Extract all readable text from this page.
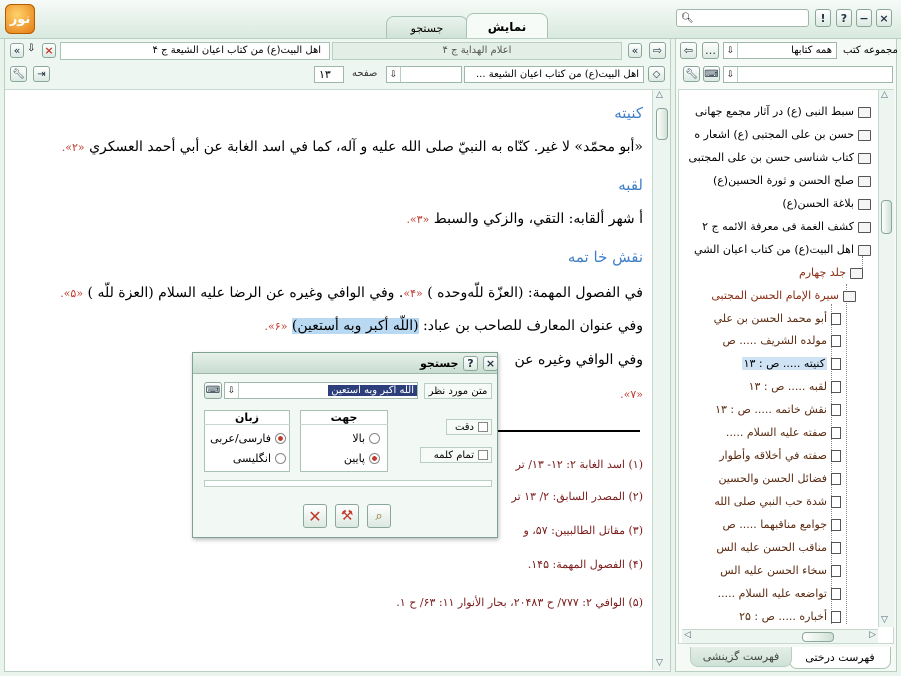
نور
جستجو	نمایش
🔍︎	! ? − ×
« ⇩ ×	اهل البيت(ع) من كتاب اعيان الشيعة ج ۴	اعلام الهداية ج ۴	«	⇨
🔧︎	⇥	۱۳ صفحه	⇩	اهل البيت(ع) من كتاب اعيان الشيعة ...	◇
△
▽
كنيته
«أبو محمّد» لا غير. كنّاه به النبيّ صلى الله عليه و آله، كما في اسد الغابة عن أبي أحمد العسكري «۲».
لقبه
أ شهر ألقابه: التقي، والزكي والسبط «۳».
نقش خا تمه
في الفصول المهمة: (العزّة للّه‌وحده ) «۴». وفي الوافي وغيره عن الرضا عليه السلام (العزة للّه ) «۵».
وفي عنوان المعارف للصاحب بن عباد: (اللّه أكبر وبه أستعين) «۶».
وفي الوافي وغيره عن
«۷».
(۱) اسد الغابة ۲: ۱۲- ۱۳/ تر
(۲) المصدر السابق: ۲/ ۱۳ تر
(۳) مقاتل الطالبيين: ۵۷، و
(۴) الفصول المهمة: ۱۴۵.
(۵) الوافي ۲: ۷۷۷/ ح ۲۰۴۸۳، بحار الأنوار ۱۱: ۶۳/ ح ۱.
×
?
جستجو
⌨ ⇩	الله أكبر وبه أستعين	متن مورد نظر
جهت
بالا
پايين
زبان
فارسى/عربى
انگليسى
دقت
تمام كلمه
✕ ⚒ ⌕
⇦	…	همه كتابها
⇩	مجموعه كتب
🔧︎ ⌨ ⇩
△
▽
◁	▷
سبط النبی (ع) در آثار مجمع جهانی
حسن بن علی المجتبی (ع) اشعار ه
كتاب شناسی حسن بن علی المجتبی
صلح الحسن و ثورة الحسين(ع)
بلاغة الحسن(ع)
كشف الغمة فی معرفة الائمه ج ۲
اهل البيت(ع) من كتاب اعيان الشي
جلد چهارم
سيرة الإمام الحسن المجتبی
أبو محمد الحسن بن علي
مولده الشريف ..... ص
كنيته ..... ص : ۱۳
لقبه ..... ص : ۱۳
نقش خاتمه ..... ص : ۱۳
صفته عليه السلام ..... ‌
صفته في أخلاقه وأطوار
فضائل الحسن والحسين
شدة حب النبي صلى الله
جوامع مناقبهما ..... ص
مناقب الحسن عليه الس
سخاء الحسن عليه الس
تواضعه عليه السلام .....
أخباره ..... ص : ۲۵
فهرست درختی
فهرست گزينشی
